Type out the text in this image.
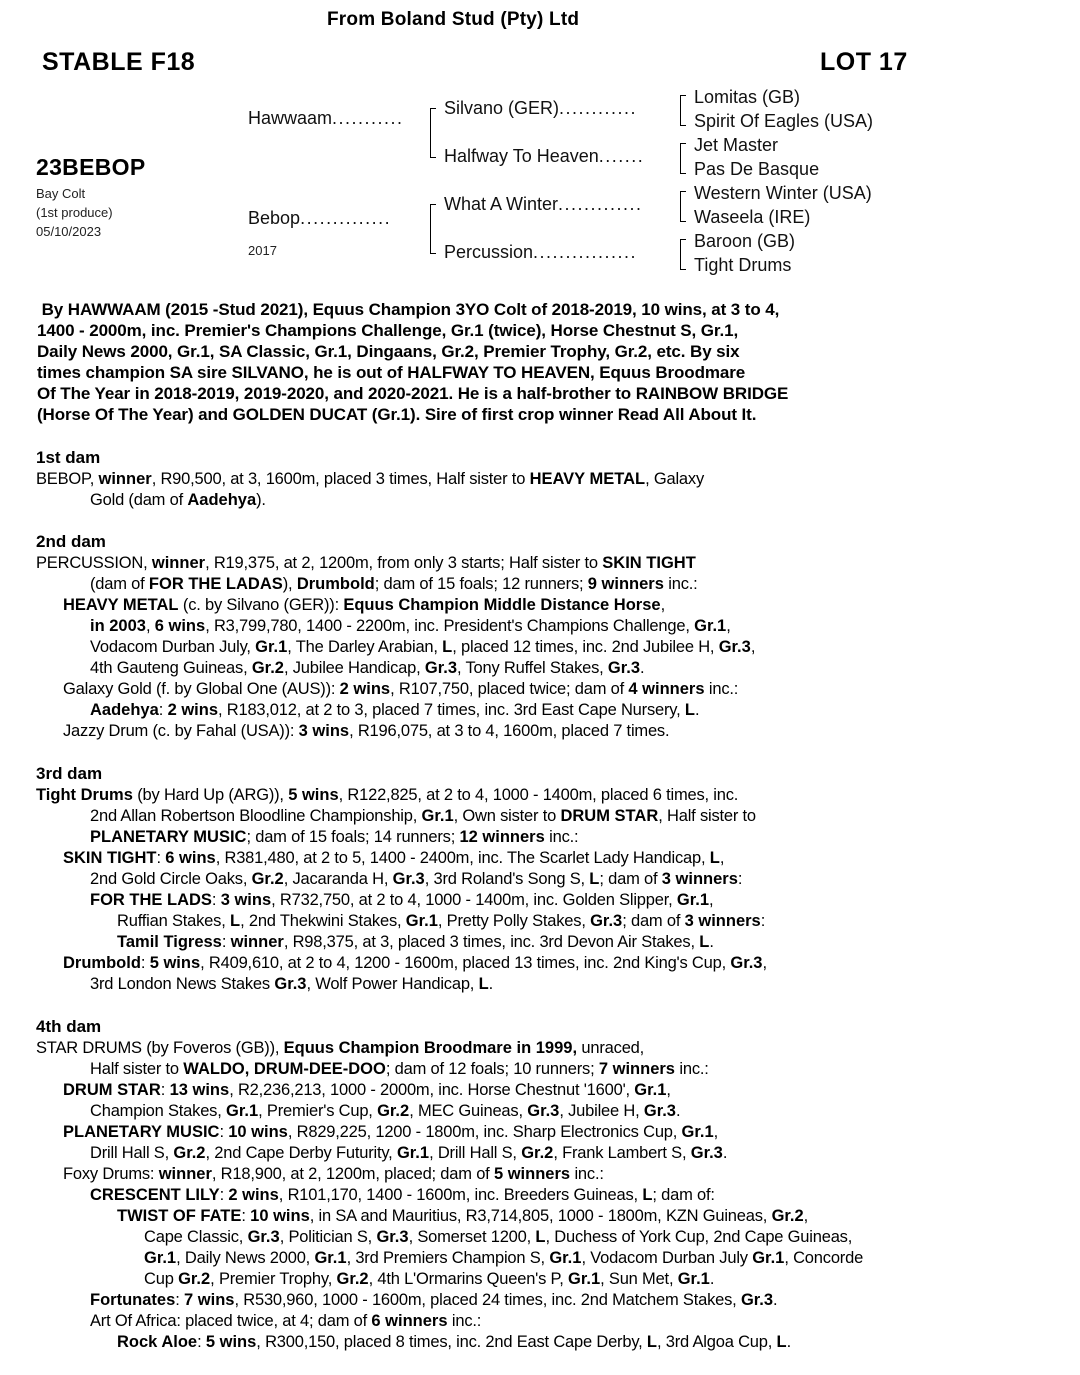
From Boland Stud (Pty) Ltd
STABLE F18	LOT 17
23BEBOP
Bay Colt
(1st produce)
05/10/2023
Hawwaam...........
Bebop..............
2017
Silvano (GER)............
Halfway To Heaven.......
What A Winter.............
Percussion................
Lomitas (GB)
Spirit Of Eagles (USA)
Jet Master
Pas De Basque
Western Winter (USA)
Waseela (IRE)
Baroon (GB)
Tight Drums
By HAWWAAM (2015 -Stud 2021), Equus Champion 3YO Colt of 2018-2019, 10 wins, at 3 to 4,
1400 - 2000m, inc. Premier's Champions Challenge, Gr.1 (twice), Horse Chestnut S, Gr.1,
Daily News 2000, Gr.1, SA Classic, Gr.1, Dingaans, Gr.2, Premier Trophy, Gr.2, etc. By six
times champion SA sire SILVANO, he is out of HALFWAY TO HEAVEN, Equus Broodmare
Of The Year in 2018-2019, 2019-2020, and 2020-2021. He is a half-brother to RAINBOW BRIDGE
(Horse Of The Year) and GOLDEN DUCAT (Gr.1). Sire of first crop winner Read All About It.
1st dam
BEBOP, winner, R90,500, at 3, 1600m, placed 3 times, Half sister to HEAVY METAL, Galaxy
Gold (dam of Aadehya).
2nd dam
PERCUSSION, winner, R19,375, at 2, 1200m, from only 3 starts; Half sister to SKIN TIGHT
(dam of FOR THE LADAS), Drumbold; dam of 15 foals; 12 runners; 9 winners inc.:
HEAVY METAL (c. by Silvano (GER)): Equus Champion Middle Distance Horse,
in 2003, 6 wins, R3,799,780, 1400 - 2200m, inc. President's Champions Challenge, Gr.1,
Vodacom Durban July, Gr.1, The Darley Arabian, L, placed 12 times, inc. 2nd Jubilee H, Gr.3,
4th Gauteng Guineas, Gr.2, Jubilee Handicap, Gr.3, Tony Ruffel Stakes, Gr.3.
Galaxy Gold (f. by Global One (AUS)): 2 wins, R107,750, placed twice; dam of 4 winners inc.:
Aadehya: 2 wins, R183,012, at 2 to 3, placed 7 times, inc. 3rd East Cape Nursery, L.
Jazzy Drum (c. by Fahal (USA)): 3 wins, R196,075, at 3 to 4, 1600m, placed 7 times.
3rd dam
Tight Drums (by Hard Up (ARG)), 5 wins, R122,825, at 2 to 4, 1000 - 1400m, placed 6 times, inc.
2nd Allan Robertson Bloodline Championship, Gr.1, Own sister to DRUM STAR, Half sister to
PLANETARY MUSIC; dam of 15 foals; 14 runners; 12 winners inc.:
SKIN TIGHT: 6 wins, R381,480, at 2 to 5, 1400 - 2400m, inc. The Scarlet Lady Handicap, L,
2nd Gold Circle Oaks, Gr.2, Jacaranda H, Gr.3, 3rd Roland's Song S, L; dam of 3 winners:
FOR THE LADS: 3 wins, R732,750, at 2 to 4, 1000 - 1400m, inc. Golden Slipper, Gr.1,
Ruffian Stakes, L, 2nd Thekwini Stakes, Gr.1, Pretty Polly Stakes, Gr.3; dam of 3 winners:
Tamil Tigress: winner, R98,375, at 3, placed 3 times, inc. 3rd Devon Air Stakes, L.
Drumbold: 5 wins, R409,610, at 2 to 4, 1200 - 1600m, placed 13 times, inc. 2nd King's Cup, Gr.3,
3rd London News Stakes Gr.3, Wolf Power Handicap, L.
4th dam
STAR DRUMS (by Foveros (GB)), Equus Champion Broodmare in 1999, unraced,
Half sister to WALDO, DRUM-DEE-DOO; dam of 12 foals; 10 runners; 7 winners inc.:
DRUM STAR: 13 wins, R2,236,213, 1000 - 2000m, inc. Horse Chestnut '1600', Gr.1,
Champion Stakes, Gr.1, Premier's Cup, Gr.2, MEC Guineas, Gr.3, Jubilee H, Gr.3.
PLANETARY MUSIC: 10 wins, R829,225, 1200 - 1800m, inc. Sharp Electronics Cup, Gr.1,
Drill Hall S, Gr.2, 2nd Cape Derby Futurity, Gr.1, Drill Hall S, Gr.2, Frank Lambert S, Gr.3.
Foxy Drums: winner, R18,900, at 2, 1200m, placed; dam of 5 winners inc.:
CRESCENT LILY: 2 wins, R101,170, 1400 - 1600m, inc. Breeders Guineas, L; dam of:
TWIST OF FATE: 10 wins, in SA and Mauritius, R3,714,805, 1000 - 1800m, KZN Guineas, Gr.2,
Cape Classic, Gr.3, Politician S, Gr.3, Somerset 1200, L, Duchess of York Cup, 2nd Cape Guineas,
Gr.1, Daily News 2000, Gr.1, 3rd Premiers Champion S, Gr.1, Vodacom Durban July Gr.1, Concorde
Cup Gr.2, Premier Trophy, Gr.2, 4th L'Ormarins Queen's P, Gr.1, Sun Met, Gr.1.
Fortunates: 7 wins, R530,960, 1000 - 1600m, placed 24 times, inc. 2nd Matchem Stakes, Gr.3.
Art Of Africa: placed twice, at 4; dam of 6 winners inc.:
Rock Aloe: 5 wins, R300,150, placed 8 times, inc. 2nd East Cape Derby, L, 3rd Algoa Cup, L.
